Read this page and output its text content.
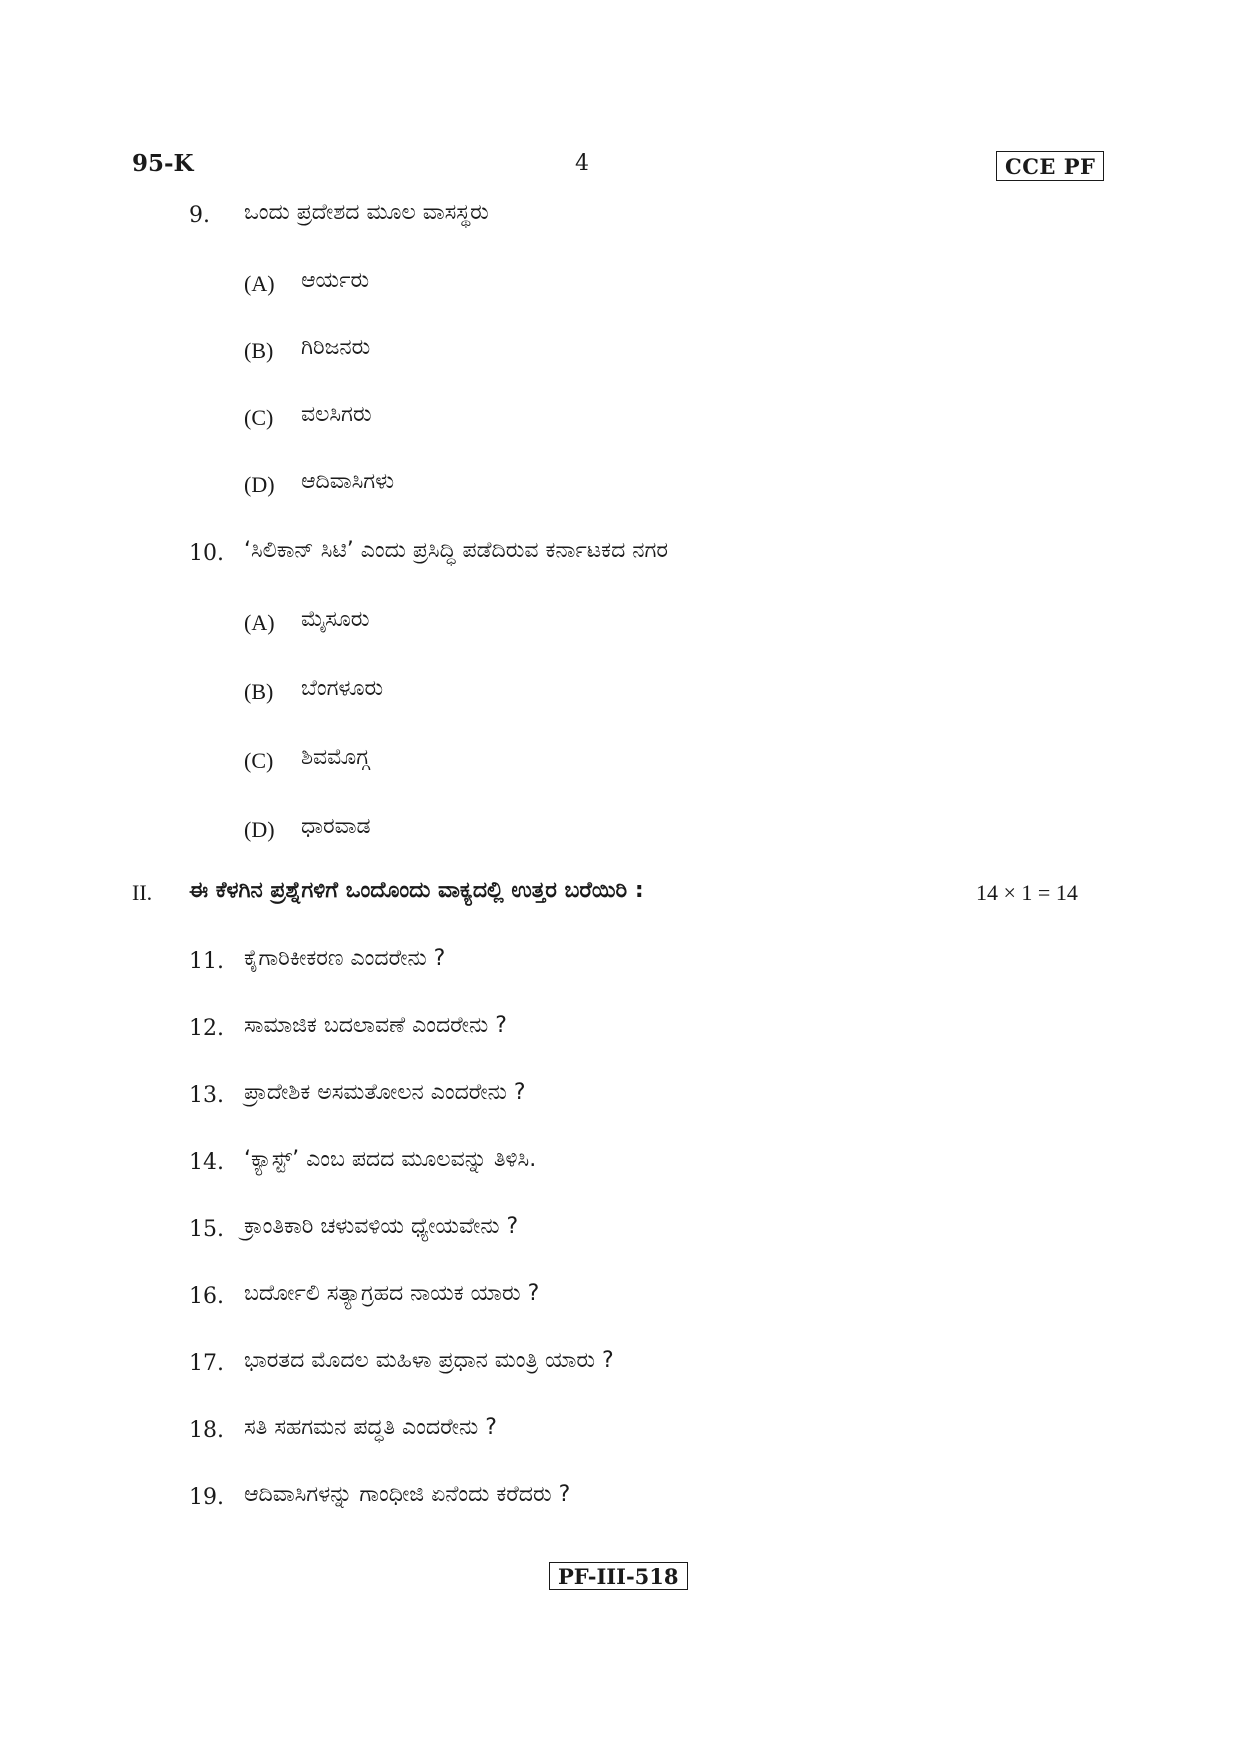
95-K	4	CCE PF
9. ಒಂದು ಪ್ರದೇಶದ ಮೂಲ ವಾಸಸ್ಥರು
(A) ಆರ್ಯರು
(B) ಗಿರಿಜನರು
(C) ವಲಸಿಗರು
(D) ಆದಿವಾಸಿಗಳು
10. ‘ಸಿಲಿಕಾನ್ ಸಿಟಿ’ ಎಂದು ಪ್ರಸಿದ್ಧಿ ಪಡೆದಿರುವ ಕರ್ನಾಟಕದ ನಗರ
(A) ಮೈಸೂರು
(B) ಬೆಂಗಳೂರು
(C) ಶಿವಮೊಗ್ಗ
(D) ಧಾರವಾಡ
II. ಈ ಕೆಳಗಿನ ಪ್ರಶ್ನೆಗಳಿಗೆ ಒಂದೊಂದು ವಾಕ್ಯದಲ್ಲಿ ಉತ್ತರ ಬರೆಯಿರಿ :	14 × 1 = 14
11. ಕೈಗಾರಿಕೀಕರಣ ಎಂದರೇನು ?
12. ಸಾಮಾಜಿಕ ಬದಲಾವಣೆ ಎಂದರೇನು ?
13. ಪ್ರಾದೇಶಿಕ ಅಸಮತೋಲನ ಎಂದರೇನು ?
14. ‘ಕ್ಯಾಸ್ಟ್’ ಎಂಬ ಪದದ ಮೂಲವನ್ನು ತಿಳಿಸಿ.
15. ಕ್ರಾಂತಿಕಾರಿ ಚಳುವಳಿಯ ಧ್ಯೇಯವೇನು ?
16. ಬರ್ದೋಲಿ ಸತ್ಯಾಗ್ರಹದ ನಾಯಕ ಯಾರು ?
17. ಭಾರತದ ಮೊದಲ ಮಹಿಳಾ ಪ್ರಧಾನ ಮಂತ್ರಿ ಯಾರು ?
18. ಸತಿ ಸಹಗಮನ ಪದ್ಧತಿ ಎಂದರೇನು ?
19. ಆದಿವಾಸಿಗಳನ್ನು ಗಾಂಧೀಜಿ ಏನೆಂದು ಕರೆದರು ?
PF-III-518
